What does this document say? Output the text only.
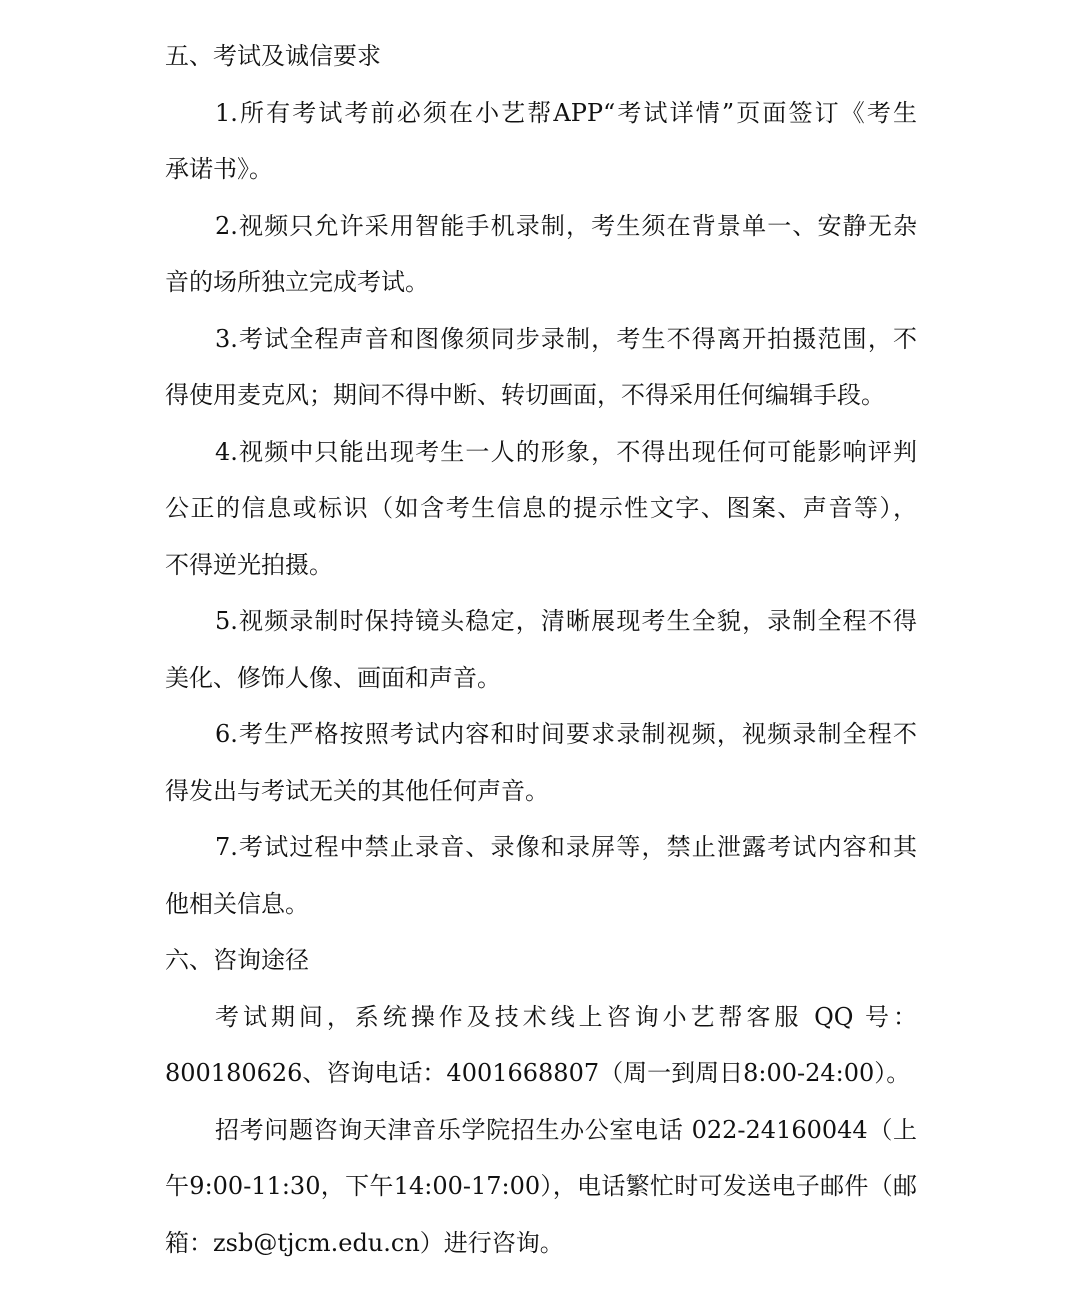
五、考试及诚信要求
1.所有考试考前必须在小艺帮APP“考试详情”页面签订《考生
承诺书》。
2.视频只允许采用智能手机录制，考生须在背景单一、安静无杂
音的场所独立完成考试。
3.考试全程声音和图像须同步录制，考生不得离开拍摄范围，不
得使用麦克风；期间不得中断、转切画面，不得采用任何编辑手段。
4.视频中只能出现考生一人的形象，不得出现任何可能影响评判
公正的信息或标识（如含考生信息的提示性文字、图案、声音等），
不得逆光拍摄。
5.视频录制时保持镜头稳定，清晰展现考生全貌，录制全程不得
美化、修饰人像、画面和声音。
6.考生严格按照考试内容和时间要求录制视频，视频录制全程不
得发出与考试无关的其他任何声音。
7.考试过程中禁止录音、录像和录屏等，禁止泄露考试内容和其
他相关信息。
六、咨询途径
考试期间，系统操作及技术线上咨询小艺帮客服 QQ 号：
800180626、咨询电话：4001668807（周一到周日8:00-24:00）。
招考问题咨询天津音乐学院招生办公室电话 022-24160044（上
午9:00-11:30，下午14:00-17:00），电话繁忙时可发送电子邮件（邮
箱：zsb@tjcm.edu.cn）进行咨询。
